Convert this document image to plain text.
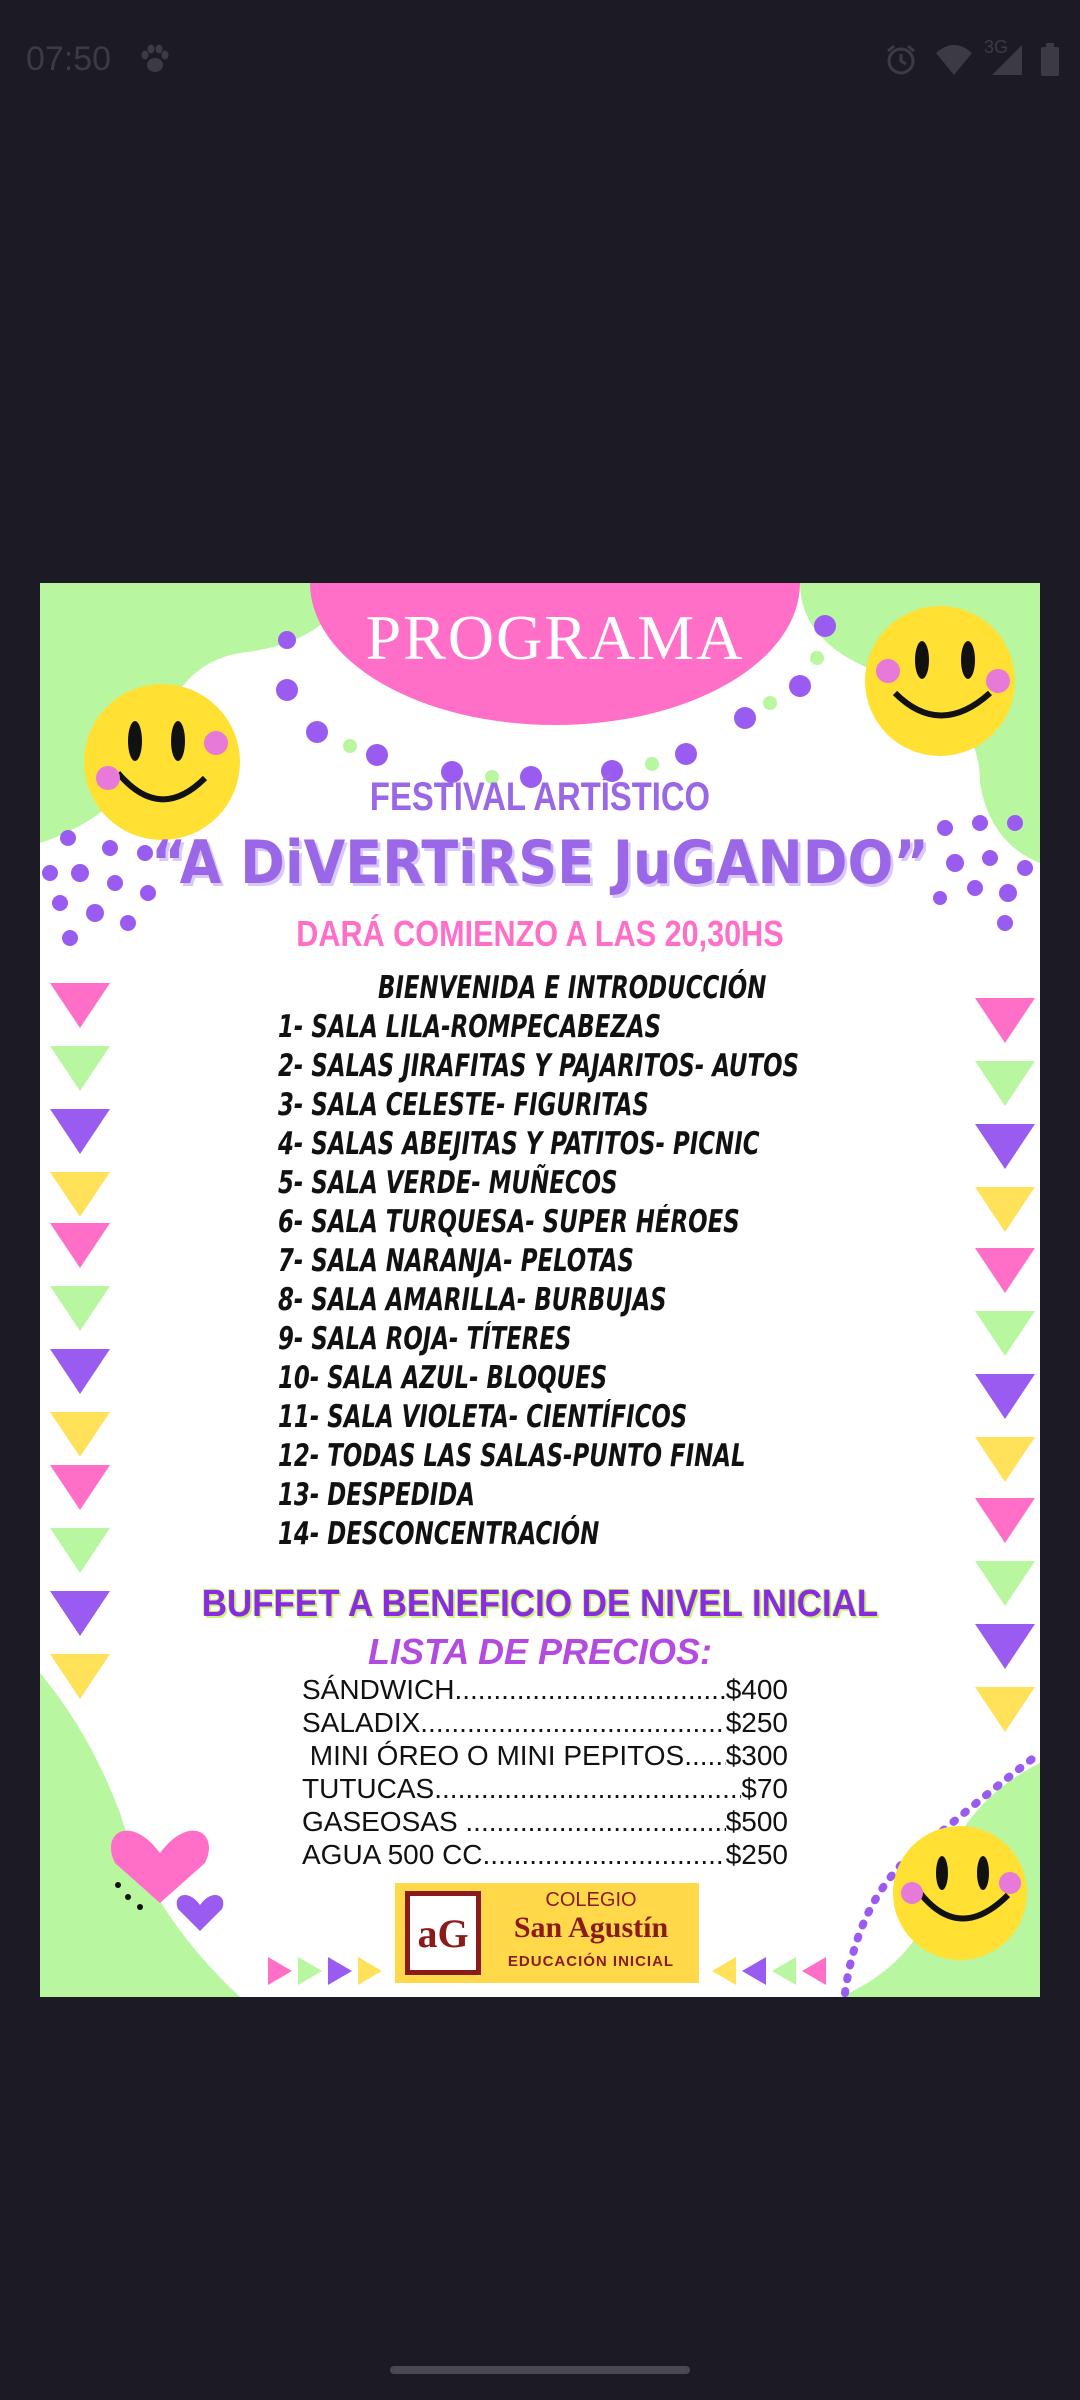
07:50	3G
PROGRAMA
FESTIVAL ARTÍSTICO
“A DiVERTiRSE JuGANDO”
DARÁ COMIENZO A LAS 20,30HS
BIENVENIDA E INTRODUCCIÓN
1- SALA LILA-ROMPECABEZAS
2- SALAS JIRAFITAS Y PAJARITOS- AUTOS
3- SALA CELESTE- FIGURITAS
4- SALAS ABEJITAS Y PATITOS- PICNIC
5- SALA VERDE- MUÑECOS
6- SALA TURQUESA- SUPER HÉROES
7- SALA NARANJA- PELOTAS
8- SALA AMARILLA- BURBUJAS
9- SALA ROJA- TÍTERES
10- SALA AZUL- BLOQUES
11- SALA VIOLETA- CIENTÍFICOS
12- TODAS LAS SALAS-PUNTO FINAL
13- DESPEDIDA
14- DESCONCENTRACIÓN
BUFFET A BENEFICIO DE NIVEL INICIAL
LISTA DE PRECIOS:
SÁNDWICH .....	$400
SALADIX .....	$250
MINI ÓREO O MINI PEPITOS ..... $300
TUTUCAS .....	$70
GASEOSAS .....	$500
AGUA 500 CC .....	$250
aG
COLEGIO
San Agustín
EDUCACIÓN INICIAL
